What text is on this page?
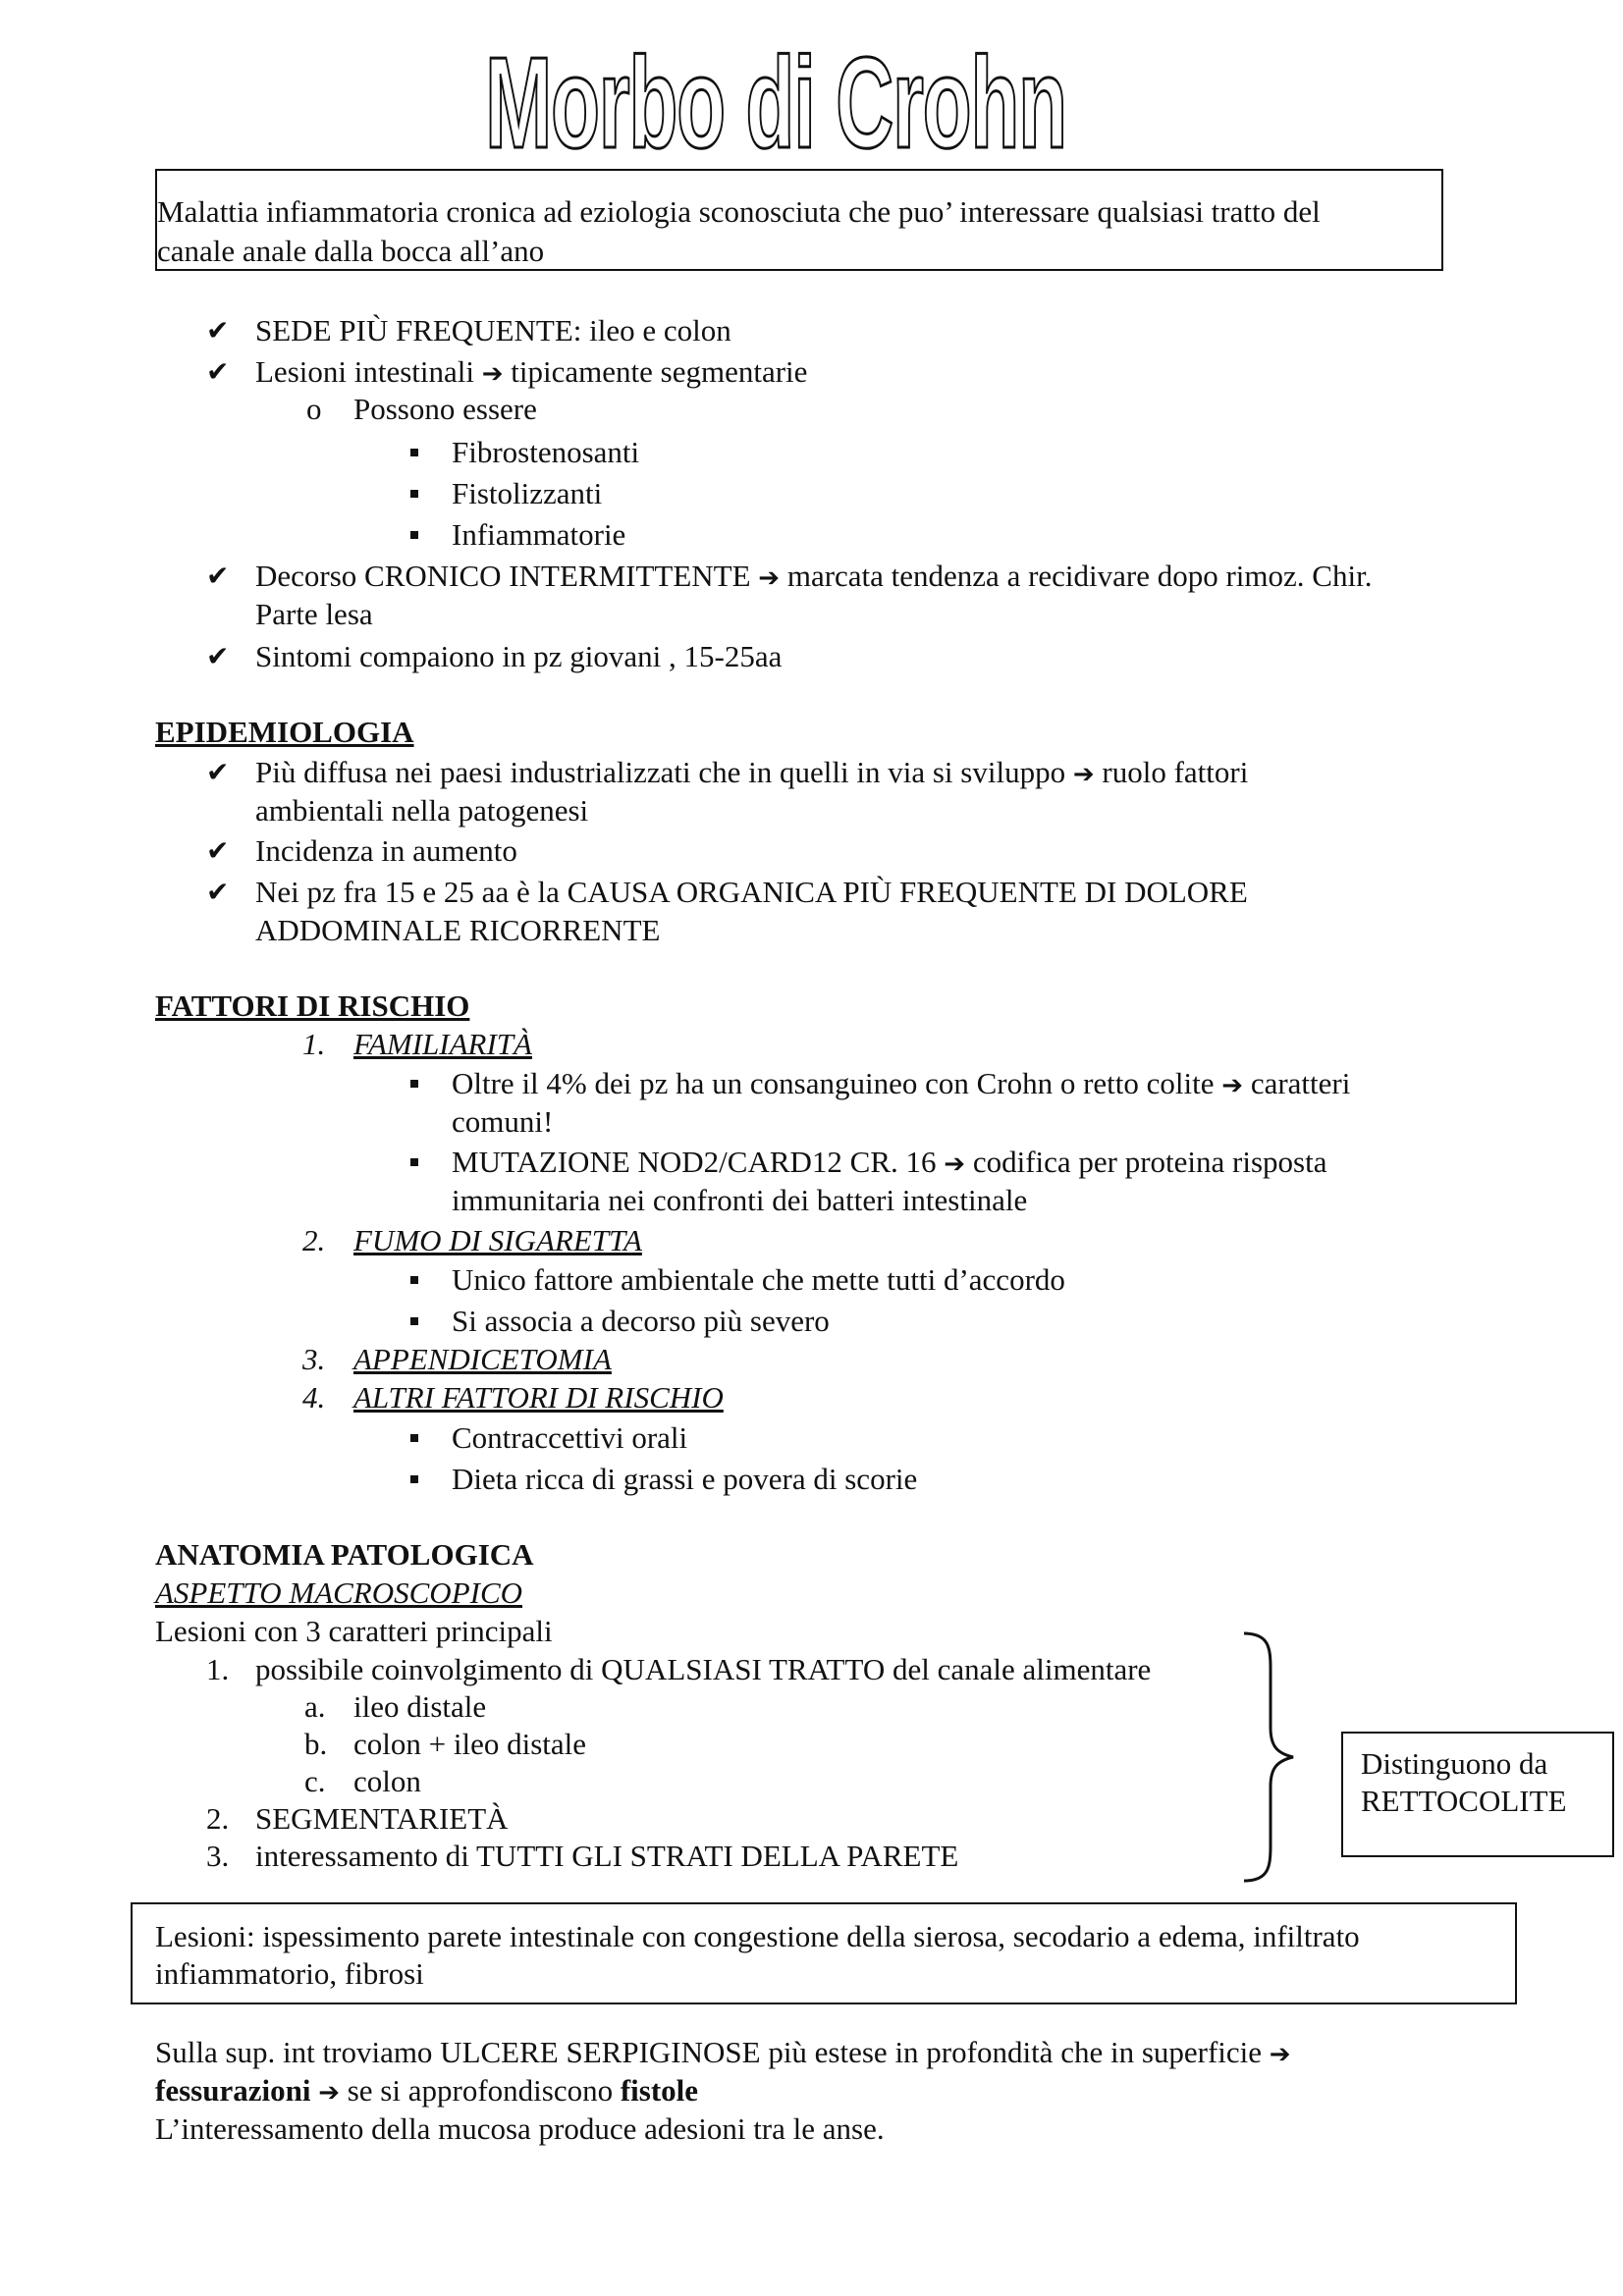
Morbo di Crohn
Malattia infiammatoria cronica ad eziologia sconosciuta che puo’ interessare qualsiasi tratto del
canale anale dalla bocca all’ano
✔ SEDE PIÙ FREQUENTE: ileo e colon
✔ Lesioni intestinali ➔ tipicamente segmentarie
o Possono essere
Fibrostenosanti
Fistolizzanti
Infiammatorie
✔ Decorso CRONICO INTERMITTENTE ➔ marcata tendenza a recidivare dopo rimoz. Chir.
Parte lesa
✔ Sintomi compaiono in pz giovani , 15-25aa
EPIDEMIOLOGIA
✔ Più diffusa nei paesi industrializzati che in quelli in via si sviluppo ➔ ruolo fattori
ambientali nella patogenesi
✔ Incidenza in aumento
✔ Nei pz fra 15 e 25 aa è la CAUSA ORGANICA PIÙ FREQUENTE DI DOLORE
ADDOMINALE RICORRENTE
FATTORI DI RISCHIO
1. FAMILIARITÀ
Oltre il 4% dei pz ha un consanguineo con Crohn o retto colite ➔ caratteri
comuni!
MUTAZIONE NOD2/CARD12 CR. 16 ➔ codifica per proteina risposta
immunitaria nei confronti dei batteri intestinale
2. FUMO DI SIGARETTA
Unico fattore ambientale che mette tutti d’accordo
Si associa a decorso più severo
3. APPENDICETOMIA
4. ALTRI FATTORI DI RISCHIO
Contraccettivi orali
Dieta ricca di grassi e povera di scorie
ANATOMIA PATOLOGICA
ASPETTO MACROSCOPICO
Lesioni con 3 caratteri principali
1. possibile coinvolgimento di QUALSIASI TRATTO del canale alimentare
a. ileo distale
b. colon + ileo distale
c. colon
2. SEGMENTARIETÀ
3. interessamento di TUTTI GLI STRATI DELLA PARETE
Distinguono da
RETTOCOLITE
Lesioni: ispessimento parete intestinale con congestione della sierosa, secodario a edema, infiltrato
infiammatorio, fibrosi
Sulla sup. int troviamo ULCERE SERPIGINOSE più estese in profondità che in superficie ➔
fessurazioni ➔ se si approfondiscono fistole
L’interessamento della mucosa produce adesioni tra le anse.
